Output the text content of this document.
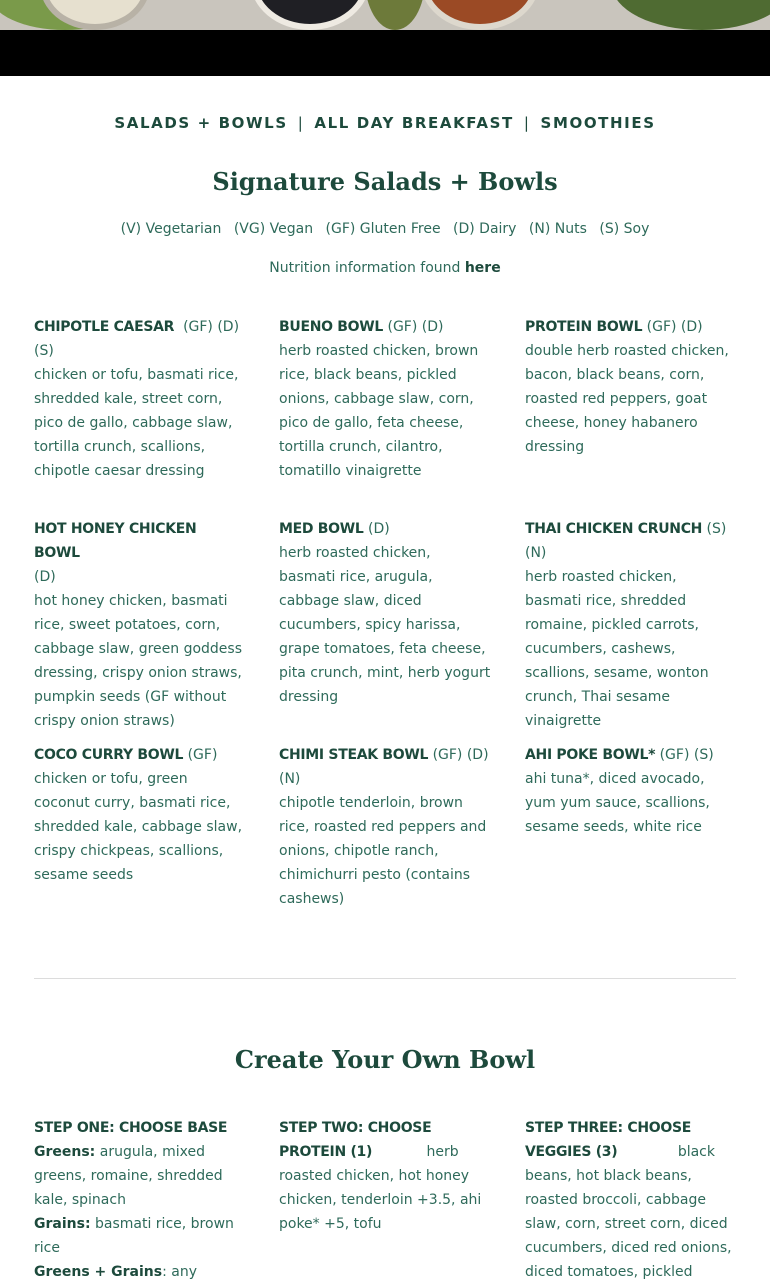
SALADS + BOWLS | ALL DAY BREAKFAST | SMOOTHIES
Signature Salads + Bowls
(V) Vegetarian (VG) Vegan (GF) Gluten Free (D) Dairy (N) Nuts (S) Soy
Nutrition information found here
CHIPOTLE CAESAR (GF) (D) (S)
chicken or tofu, basmati rice, shredded kale, street corn, pico de gallo, cabbage slaw, tortilla crunch, scallions, chipotle caesar dressing
BUENO BOWL (GF) (D)
herb roasted chicken, brown rice, black beans, pickled onions, cabbage slaw, corn, pico de gallo, feta cheese, tortilla crunch, cilantro, tomatillo vinaigrette
PROTEIN BOWL (GF) (D)
double herb roasted chicken, bacon, black beans, corn, roasted red peppers, goat cheese, honey habanero dressing
HOT HONEY CHICKEN BOWL
(D)
hot honey chicken, basmati rice, sweet potatoes, corn, cabbage slaw, green goddess dressing, crispy onion straws, pumpkin seeds (GF without crispy onion straws)
MED BOWL (D)
herb roasted chicken, basmati rice, arugula, cabbage slaw, diced cucumbers, spicy harissa, grape tomatoes, feta cheese, pita crunch, mint, herb yogurt dressing
THAI CHICKEN CRUNCH (S) (N)
herb roasted chicken, basmati rice, shredded romaine, pickled carrots, cucumbers, cashews, scallions, sesame, wonton crunch, Thai sesame vinaigrette
COCO CURRY BOWL (GF)
chicken or tofu, green coconut curry, basmati rice, shredded kale, cabbage slaw, crispy chickpeas, scallions, sesame seeds
CHIMI STEAK BOWL (GF) (D) (N)
chipotle tenderloin, brown rice, roasted red peppers and onions, chipotle ranch, chimichurri pesto (contains cashews)
AHI POKE BOWL* (GF) (S)
ahi tuna*, diced avocado, yum yum sauce, scallions, sesame seeds, white rice
Create Your Own Bowl
STEP ONE: CHOOSE BASE
Greens: arugula, mixed greens, romaine, shredded kale, spinach
Grains: basmati rice, brown rice
Greens + Grains: any
STEP TWO: CHOOSE PROTEIN (1)	herb roasted chicken, hot honey chicken, tenderloin +3.5, ahi poke* +5, tofu
STEP THREE: CHOOSE VEGGIES (3)	black beans, hot black beans, roasted broccoli, cabbage slaw, corn, street corn, diced cucumbers, diced red onions, diced tomatoes, pickled
